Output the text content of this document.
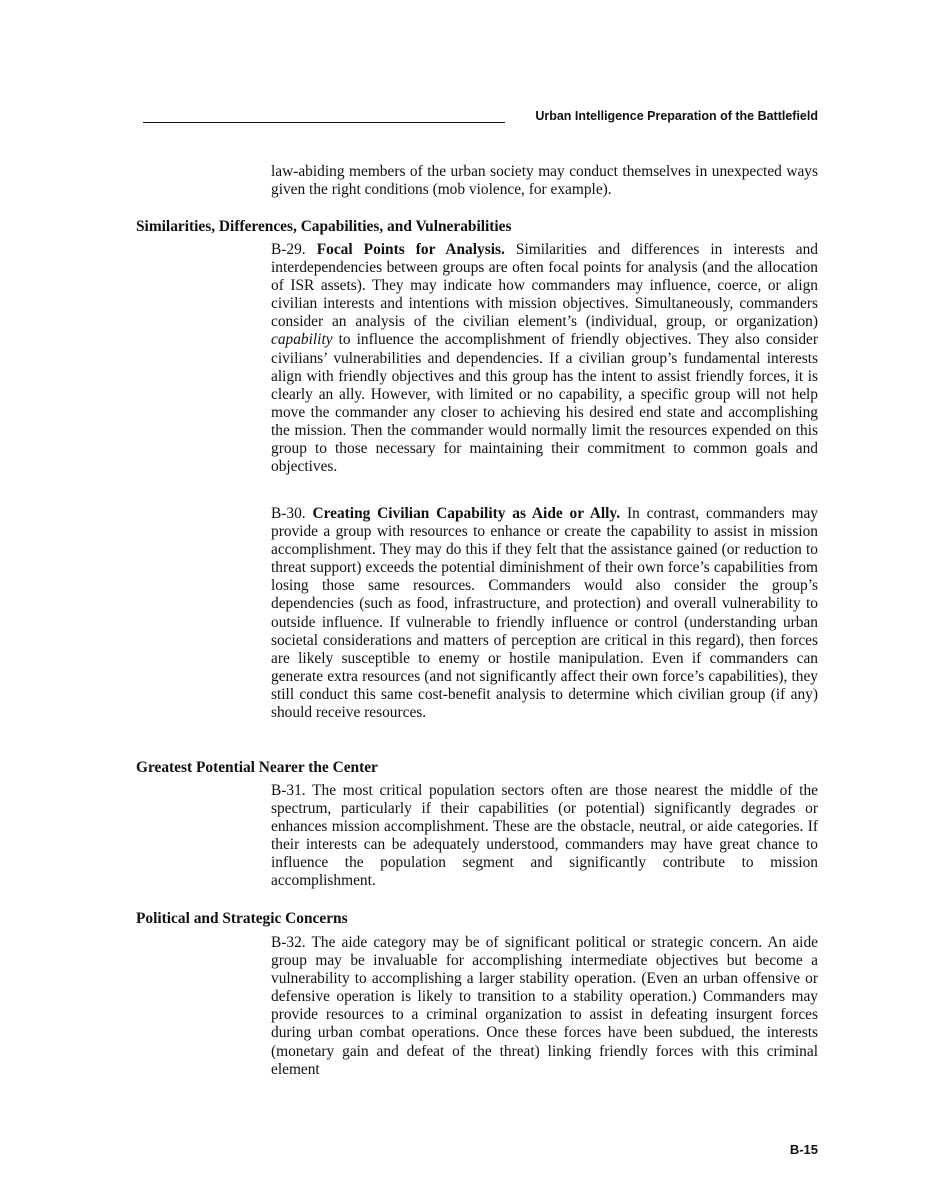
Urban Intelligence Preparation of the Battlefield
law-abiding members of the urban society may conduct themselves in unexpected ways given the right conditions (mob violence, for example).
Similarities, Differences, Capabilities, and Vulnerabilities
B-29. Focal Points for Analysis. Similarities and differences in interests and interdependencies between groups are often focal points for analysis (and the allocation of ISR assets). They may indicate how commanders may influence, coerce, or align civilian interests and intentions with mission objectives. Simultaneously, commanders consider an analysis of the civilian element’s (individual, group, or organization) capability to influence the accomplishment of friendly objectives. They also consider civilians’ vulnerabilities and dependencies. If a civilian group’s fundamental interests align with friendly objectives and this group has the intent to assist friendly forces, it is clearly an ally. However, with limited or no capability, a specific group will not help move the commander any closer to achieving his desired end state and accomplishing the mission. Then the commander would normally limit the resources expended on this group to those necessary for maintaining their commitment to common goals and objectives.
B-30. Creating Civilian Capability as Aide or Ally. In contrast, commanders may provide a group with resources to enhance or create the capability to assist in mission accomplishment. They may do this if they felt that the assistance gained (or reduction to threat support) exceeds the potential diminishment of their own force’s capabilities from losing those same resources. Commanders would also consider the group’s dependencies (such as food, infrastructure, and protection) and overall vulnerability to outside influence. If vulnerable to friendly influence or control (understanding urban societal considerations and matters of perception are critical in this regard), then forces are likely susceptible to enemy or hostile manipulation. Even if commanders can generate extra resources (and not significantly affect their own force’s capabilities), they still conduct this same cost-benefit analysis to determine which civilian group (if any) should receive resources.
Greatest Potential Nearer the Center
B-31. The most critical population sectors often are those nearest the middle of the spectrum, particularly if their capabilities (or potential) significantly degrades or enhances mission accomplishment. These are the obstacle, neutral, or aide categories. If their interests can be adequately understood, commanders may have great chance to influence the population segment and significantly contribute to mission accomplishment.
Political and Strategic Concerns
B-32. The aide category may be of significant political or strategic concern. An aide group may be invaluable for accomplishing intermediate objectives but become a vulnerability to accomplishing a larger stability operation. (Even an urban offensive or defensive operation is likely to transition to a stability operation.) Commanders may provide resources to a criminal organization to assist in defeating insurgent forces during urban combat operations. Once these forces have been subdued, the interests (monetary gain and defeat of the threat) linking friendly forces with this criminal element
B-15
